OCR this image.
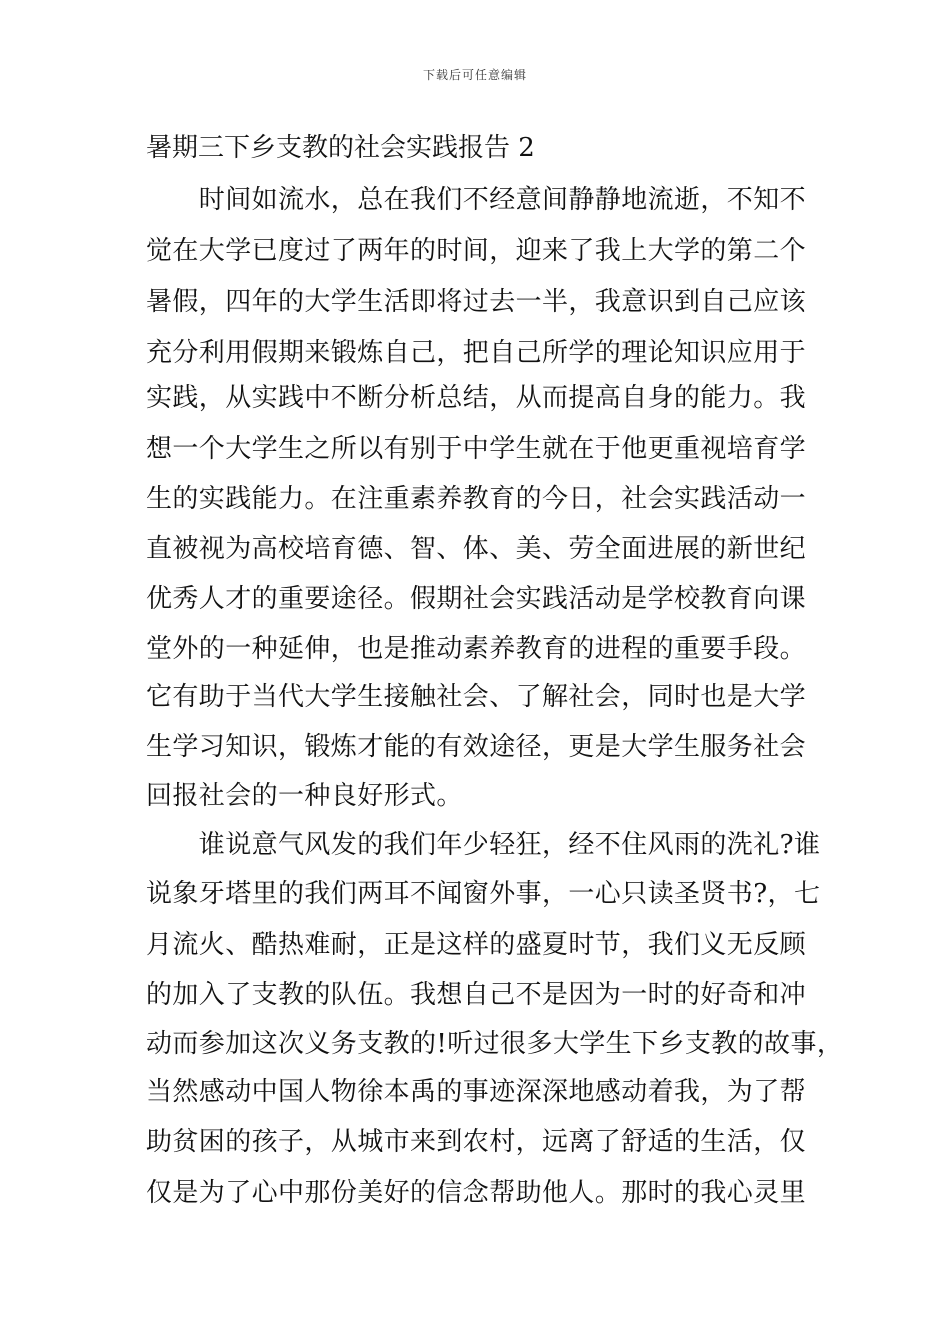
下载后可任意编辑
暑期三下乡支教的社会实践报告 2
　　时间如流水，总在我们不经意间静静地流逝，不知不
觉在大学已度过了两年的时间，迎来了我上大学的第二个
暑假，四年的大学生活即将过去一半，我意识到自己应该
充分利用假期来锻炼自己，把自己所学的理论知识应用于
实践，从实践中不断分析总结，从而提高自身的能力。我
想一个大学生之所以有别于中学生就在于他更重视培育学
生的实践能力。在注重素养教育的今日，社会实践活动一
直被视为高校培育德、智、体、美、劳全面进展的新世纪
优秀人才的重要途径。假期社会实践活动是学校教育向课
堂外的一种延伸，也是推动素养教育的进程的重要手段。
它有助于当代大学生接触社会、了解社会，同时也是大学
生学习知识，锻炼才能的有效途径，更是大学生服务社会
回报社会的一种良好形式。
　　谁说意气风发的我们年少轻狂，经不住风雨的洗礼?谁
说象牙塔里的我们两耳不闻窗外事，一心只读圣贤书?，七
月流火、酷热难耐，正是这样的盛夏时节，我们义无反顾
的加入了支教的队伍。我想自己不是因为一时的好奇和冲
动而参加这次义务支教的!听过很多大学生下乡支教的故事，
当然感动中国人物徐本禹的事迹深深地感动着我，为了帮
助贫困的孩子，从城市来到农村，远离了舒适的生活，仅
仅是为了心中那份美好的信念帮助他人。那时的我心灵里
